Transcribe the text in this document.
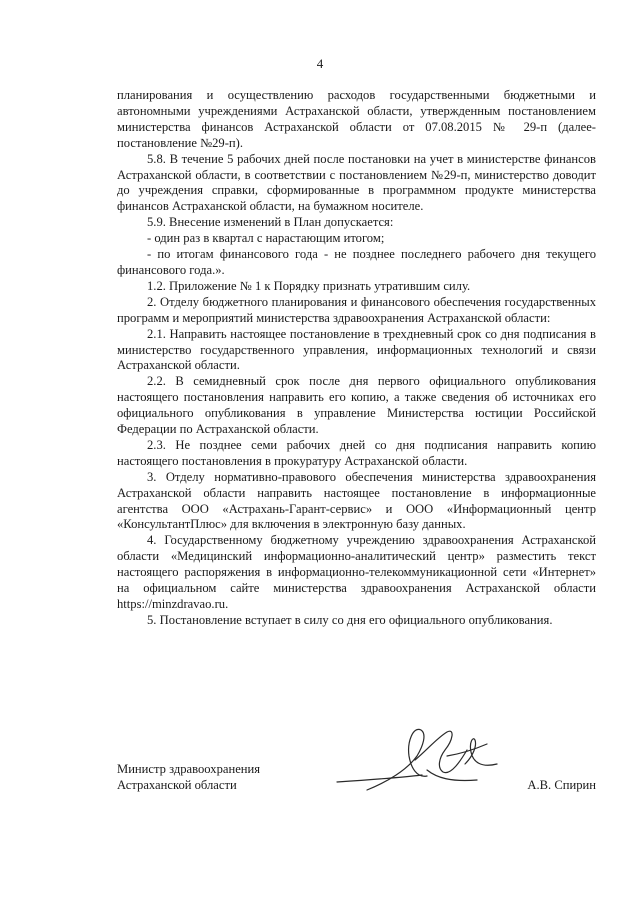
4

планирования и осуществлению расходов государственными бюджетными и автономными учреждениями Астраханской области, утвержденным постановлением министерства финансов Астраханской области от 07.08.2015 № 29-п (далее- постановление №29-п).

5.8. В течение 5 рабочих дней после постановки на учет в министерстве финансов Астраханской области, в соответствии с постановлением №29-п, министерство доводит до учреждения справки, сформированные в программном продукте министерства финансов Астраханской области, на бумажном носителе.

5.9. Внесение изменений в План допускается:

- один раз в квартал с нарастающим итогом;

- по итогам финансового года - не позднее последнего рабочего дня текущего финансового года.».

1.2. Приложение № 1 к Порядку признать утратившим силу.

2. Отделу бюджетного планирования и финансового обеспечения государственных программ и мероприятий министерства здравоохранения Астраханской области:

2.1. Направить настоящее постановление в трехдневный срок со дня подписания в министерство государственного управления, информационных технологий и связи Астраханской области.

2.2. В семидневный срок после дня первого официального опубликования настоящего постановления направить его копию, а также сведения об источниках его официального опубликования в управление Министерства юстиции Российской Федерации по Астраханской области.

2.3. Не позднее семи рабочих дней со дня подписания направить копию настоящего постановления в прокуратуру Астраханской области.

3. Отделу нормативно-правового обеспечения министерства здравоохранения Астраханской области направить настоящее постановление в информационные агентства ООО «Астрахань-Гарант-сервис» и ООО «Информационный центр «КонсультантПлюс» для включения в электронную базу данных.

4. Государственному бюджетному учреждению здравоохранения Астраханской области «Медицинский информационно-аналитический центр» разместить текст настоящего распоряжения в информационно-телекоммуникационной сети «Интернет» на официальном сайте министерства здравоохранения Астраханской области https://minzdravao.ru.

5. Постановление вступает в силу со дня его официального опубликования.

Министр здравоохранения
Астраханской области	А.В. Спирин
